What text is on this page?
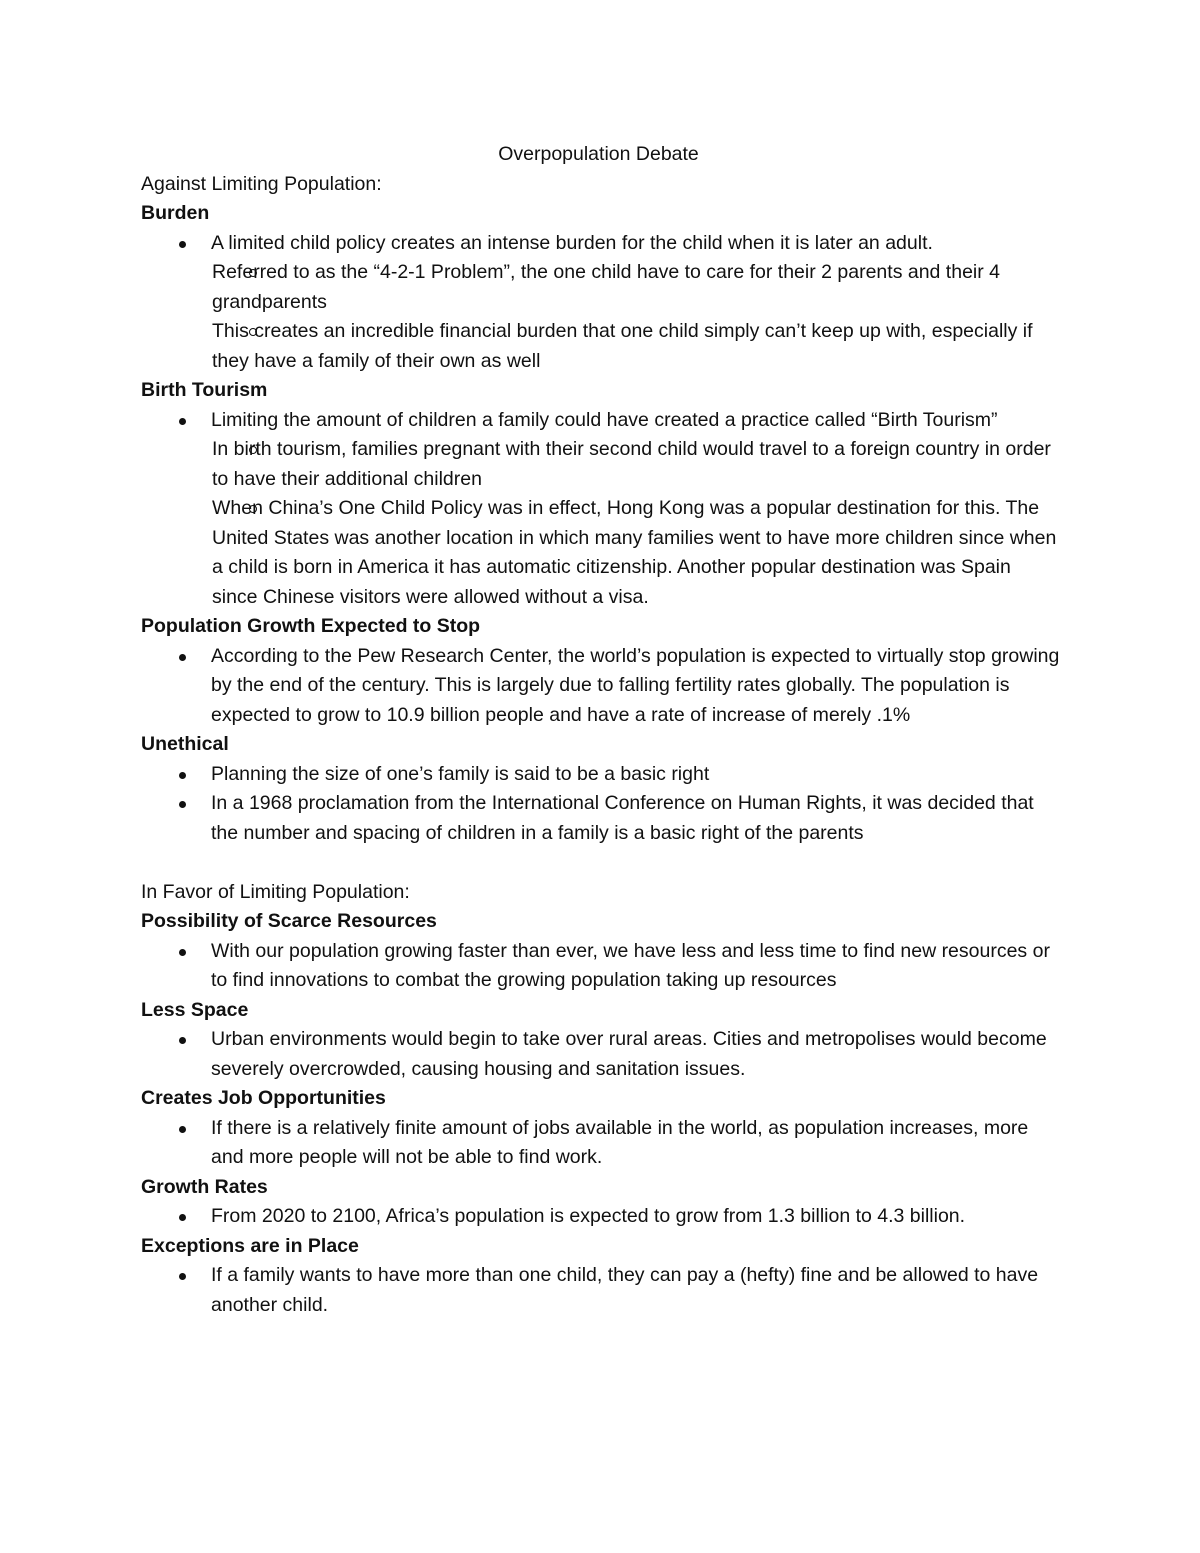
Overpopulation Debate

Against Limiting Population:

Burden

A limited child policy creates an intense burden for the child when it is later an adult.
Referred to as the “4-2-1 Problem”, the one child have to care for their 2 parents and their 4 grandparents
This creates an incredible financial burden that one child simply can’t keep up with, especially if they have a family of their own as well

Birth Tourism

Limiting the amount of children a family could have created a practice called “Birth Tourism”
In birth tourism, families pregnant with their second child would travel to a foreign country in order to have their additional children
When China’s One Child Policy was in effect, Hong Kong was a popular destination for this. The United States was another location in which many families went to have more children since when a child is born in America it has automatic citizenship. Another popular destination was Spain since Chinese visitors were allowed without a visa.

Population Growth Expected to Stop

According to the Pew Research Center, the world’s population is expected to virtually stop growing by the end of the century. This is largely due to falling fertility rates globally. The population is expected to grow to 10.9 billion people and have a rate of increase of merely .1%

Unethical

Planning the size of one’s family is said to be a basic right
In a 1968 proclamation from the International Conference on Human Rights, it was decided that the number and spacing of children in a family is a basic right of the parents

In Favor of Limiting Population:

Possibility of Scarce Resources

With our population growing faster than ever, we have less and less time to find new resources or to find innovations to combat the growing population taking up resources

Less Space

Urban environments would begin to take over rural areas. Cities and metropolises would become severely overcrowded, causing housing and sanitation issues.

Creates Job Opportunities

If there is a relatively finite amount of jobs available in the world, as population increases, more and more people will not be able to find work.

Growth Rates

From 2020 to 2100, Africa’s population is expected to grow from 1.3 billion to 4.3 billion.

Exceptions are in Place

If a family wants to have more than one child, they can pay a (hefty) fine and be allowed to have another child.
